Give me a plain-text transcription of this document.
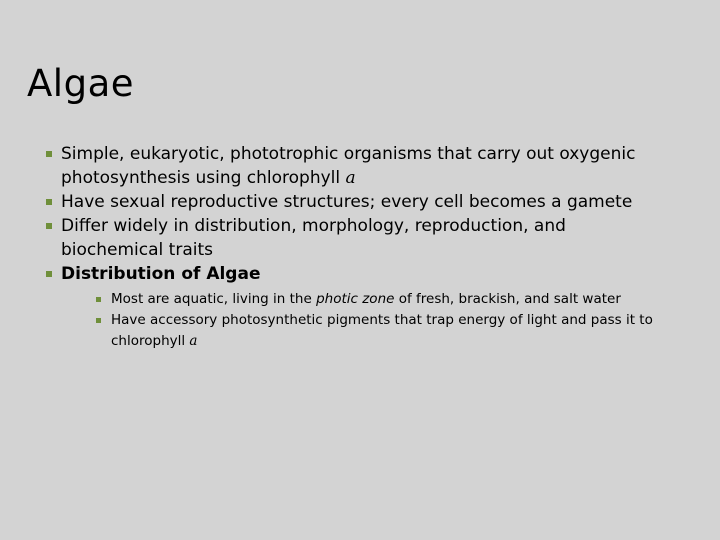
Algae
Simple, eukaryotic, phototrophic organisms that carry out oxygenic photosynthesis using chlorophyll a
Have sexual reproductive structures; every cell becomes a gamete
Differ widely in distribution, morphology, reproduction, and biochemical traits
Distribution of Algae
Most are aquatic, living in the photic zone of fresh, brackish, and salt water
Have accessory photosynthetic pigments that trap energy of light and pass it to chlorophyll a
